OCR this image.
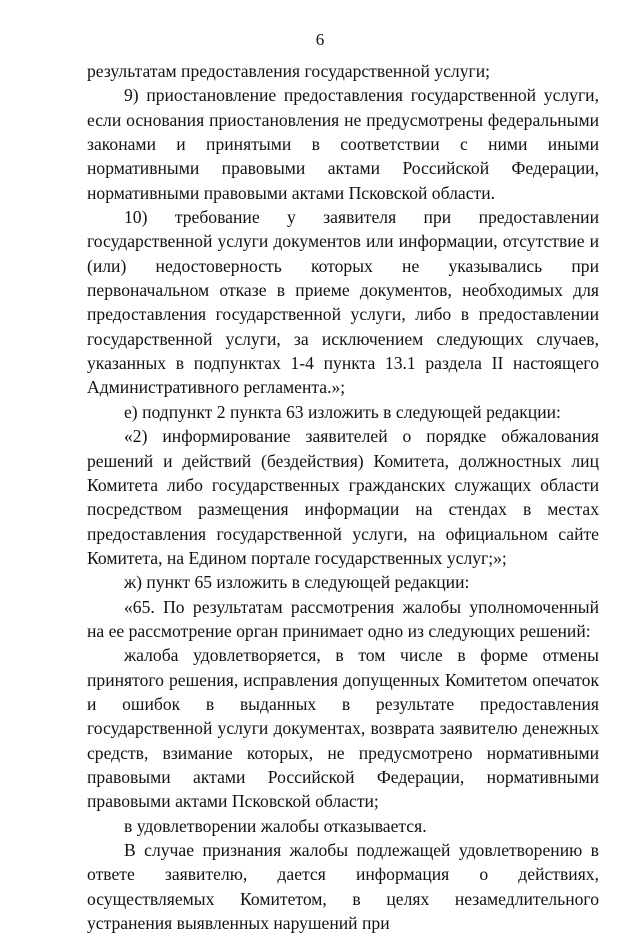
6

результатам предоставления государственной услуги;

9) приостановление предоставления государственной услуги, если основания приостановления не предусмотрены федеральными законами и принятыми в соответствии с ними иными нормативными правовыми актами Российской Федерации, нормативными правовыми актами Псковской области.

10) требование у заявителя при предоставлении государственной услуги документов или информации, отсутствие и (или) недостоверность которых не указывались при первоначальном отказе в приеме документов, необходимых для предоставления государственной услуги, либо в предоставлении государственной услуги, за исключением следующих случаев, указанных в подпунктах 1-4 пункта 13.1 раздела II настоящего Административного регламента.»;

е) подпункт 2 пункта 63 изложить в следующей редакции:

«2) информирование заявителей о порядке обжалования решений и действий (бездействия) Комитета, должностных лиц Комитета либо государственных гражданских служащих области посредством размещения информации на стендах в местах предоставления государственной услуги, на официальном сайте Комитета, на Едином портале государственных услуг;»;

ж) пункт 65 изложить в следующей редакции:

«65. По результатам рассмотрения жалобы уполномоченный на ее рассмотрение орган принимает одно из следующих решений:

жалоба удовлетворяется, в том числе в форме отмены принятого решения, исправления допущенных Комитетом опечаток и ошибок в выданных в результате предоставления государственной услуги документах, возврата заявителю денежных средств, взимание которых, не предусмотрено нормативными правовыми актами Российской Федерации, нормативными правовыми актами Псковской области;

в удовлетворении жалобы отказывается.

В случае признания жалобы подлежащей удовлетворению в ответе заявителю, дается информация о действиях, осуществляемых Комитетом, в целях незамедлительного устранения выявленных нарушений при
